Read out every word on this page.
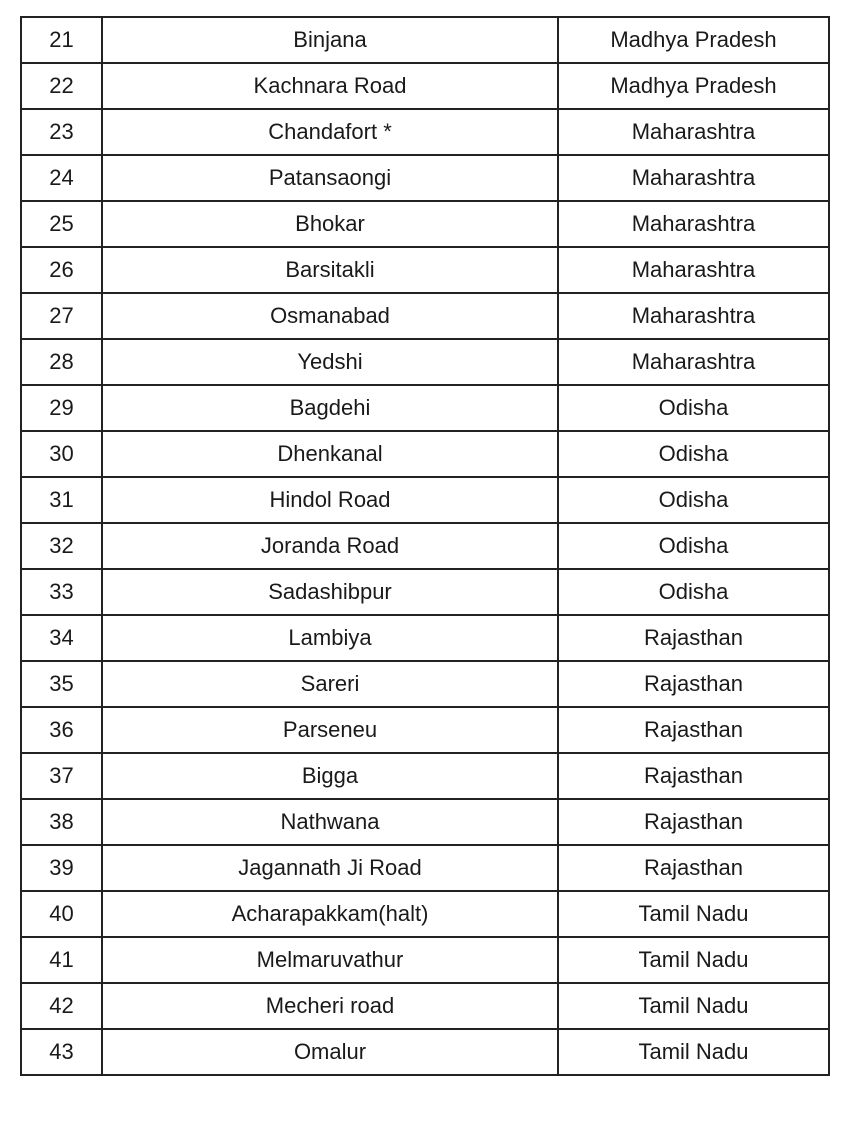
21	Binjana	Madhya Pradesh
22	Kachnara Road	Madhya Pradesh
23	Chandafort *	Maharashtra
24	Patansaongi	Maharashtra
25	Bhokar	Maharashtra
26	Barsitakli	Maharashtra
27	Osmanabad	Maharashtra
28	Yedshi	Maharashtra
29	Bagdehi	Odisha
30	Dhenkanal	Odisha
31	Hindol Road	Odisha
32	Joranda Road	Odisha
33	Sadashibpur	Odisha
34	Lambiya	Rajasthan
35	Sareri	Rajasthan
36	Parseneu	Rajasthan
37	Bigga	Rajasthan
38	Nathwana	Rajasthan
39	Jagannath Ji Road	Rajasthan
40	Acharapakkam(halt)	Tamil Nadu
41	Melmaruvathur	Tamil Nadu
42	Mecheri road	Tamil Nadu
43	Omalur	Tamil Nadu
